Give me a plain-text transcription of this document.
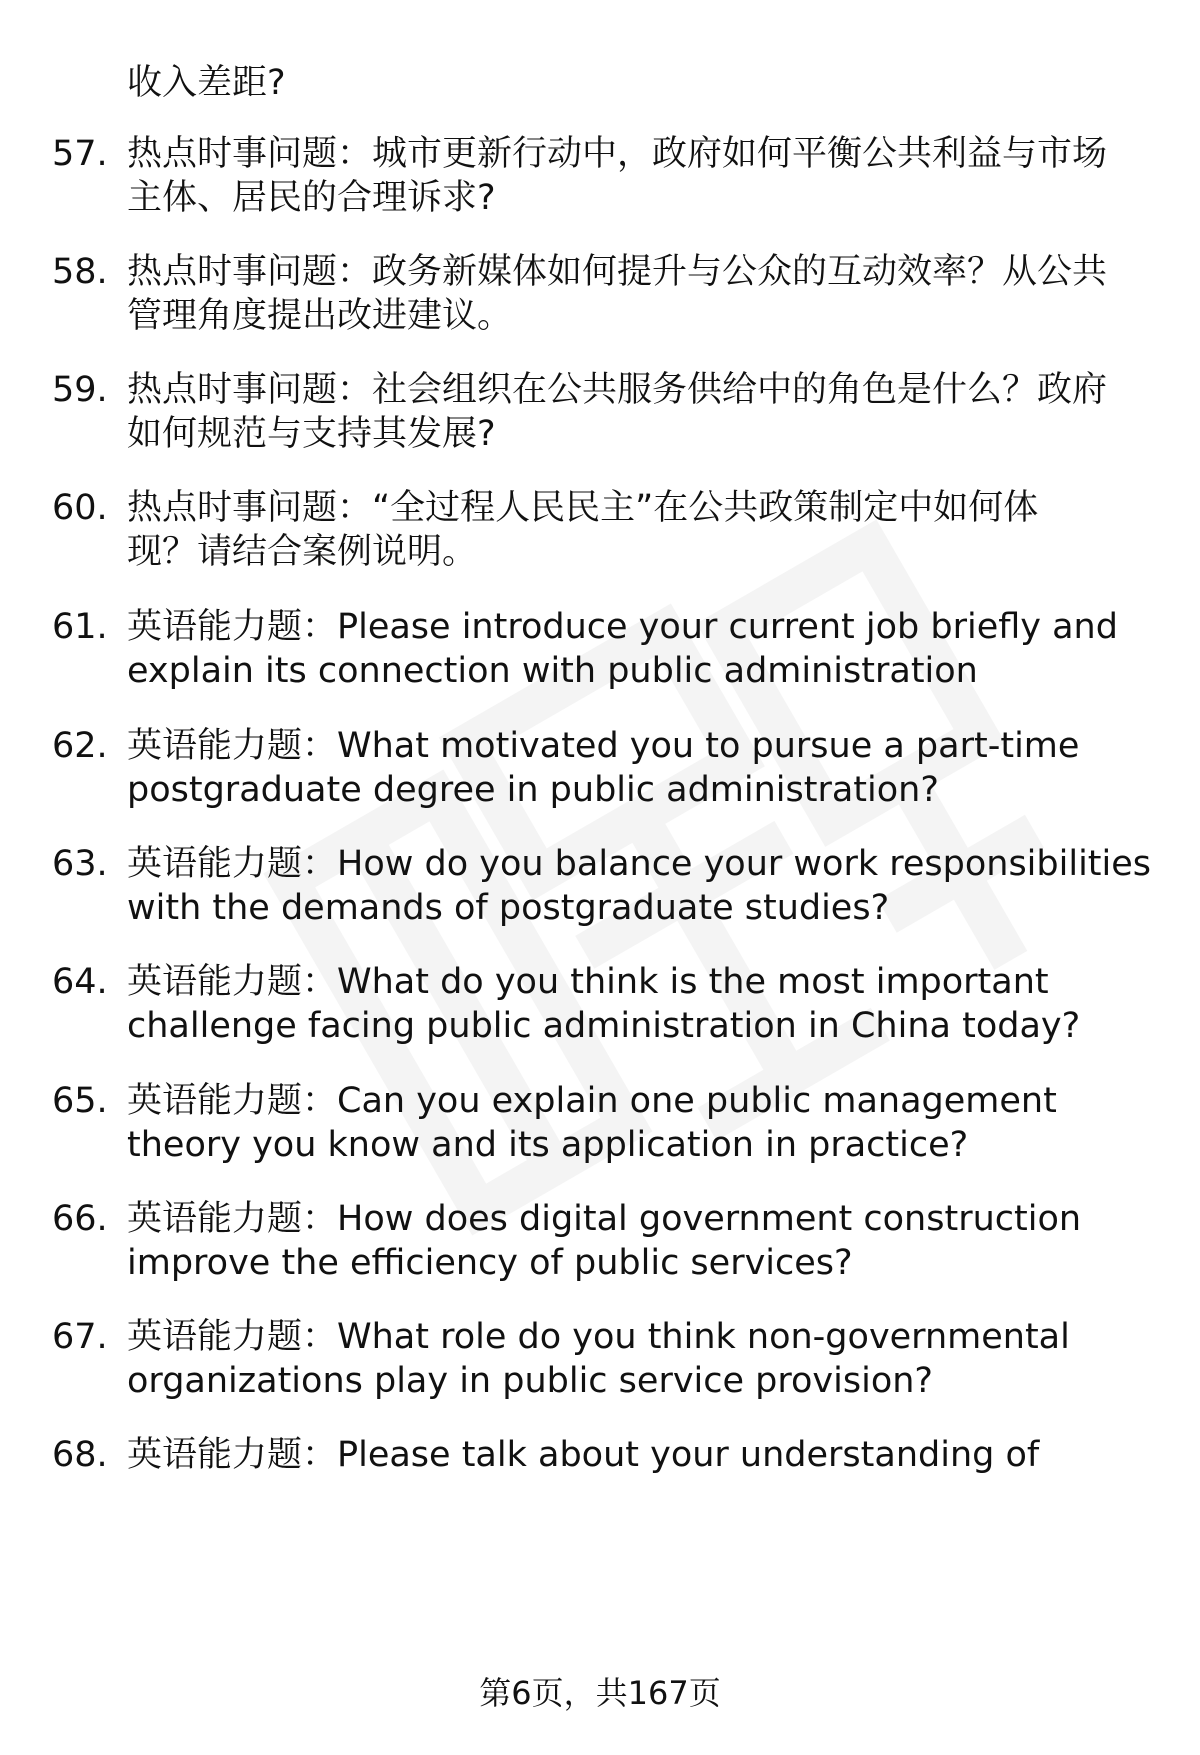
收入差距?
57. 热点时事问题：城市更新行动中，政府如何平衡公共利益与市场
主体、居民的合理诉求?
58. 热点时事问题：政务新媒体如何提升与公众的互动效率？从公共
管理角度提出改进建议。
59. 热点时事问题：社会组织在公共服务供给中的角色是什么？政府
如何规范与支持其发展?
60. 热点时事问题：“全过程人民民主”在公共政策制定中如何体
现？请结合案例说明。
61. 英语能力题：Please introduce your current job briefly and
explain its connection with public administration
62. 英语能力题：What motivated you to pursue a part-time
postgraduate degree in public administration?
63. 英语能力题：How do you balance your work responsibilities
with the demands of postgraduate studies?
64. 英语能力题：What do you think is the most important
challenge facing public administration in China today?
65. 英语能力题：Can you explain one public management
theory you know and its application in practice?
66. 英语能力题：How does digital government construction
improve the efficiency of public services?
67. 英语能力题：What role do you think non-governmental
organizations play in public service provision?
68. 英语能力题：Please talk about your understanding of
第6页，共167页
